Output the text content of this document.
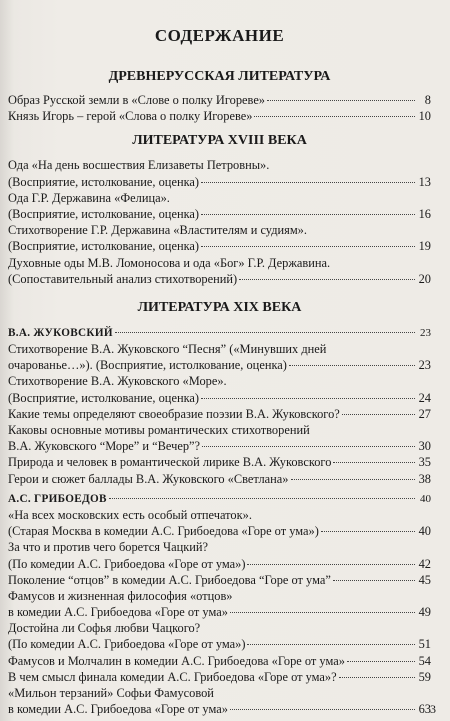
СОДЕРЖАНИЕ
ДРЕВНЕРУССКАЯ ЛИТЕРАТУРА
Образ Русской земли в «Слове о полку Игореве»	8
Князь Игорь – герой «Слова о полку Игореве»	10
ЛИТЕРАТУРА XVIII ВЕКА
Ода «На день восшествия Елизаветы Петровны».
(Восприятие, истолкование, оценка)	13
Ода Г.Р. Державина «Фелица».
(Восприятие, истолкование, оценка)	16
Стихотворение Г.Р. Державина «Властителям и судиям».
(Восприятие, истолкование, оценка)	19
Духовные оды М.В. Ломоносова и ода «Бог» Г.Р. Державина.
(Сопоставительный анализ стихотворений)	20
ЛИТЕРАТУРА XIX ВЕКА
В.А. ЖУКОВСКИЙ	23
Стихотворение В.А. Жуковского “Песня” («Минувших дней
очарованье…»). (Восприятие, истолкование, оценка)	23
Стихотворение В.А. Жуковского «Море».
(Восприятие, истолкование, оценка)	24
Какие темы определяют своеобразие поэзии В.А. Жуковского?	27
Каковы основные мотивы романтических стихотворений
В.А. Жуковского “Море” и “Вечер”?	30
Природа и человек в романтической лирике В.А. Жуковского	35
Герои и сюжет баллады В.А. Жуковского «Светлана»	38
А.С. ГРИБОЕДОВ	40
«На всех московских есть особый отпечаток».
(Старая Москва в комедии А.С. Грибоедова «Горе от ума»)	40
За что и против чего борется Чацкий?
(По комедии А.С. Грибоедова «Горе от ума»)	42
Поколение “отцов” в комедии А.С. Грибоедова “Горе от ума”	45
Фамусов и жизненная философия «отцов»
в комедии А.С. Грибоедова «Горе от ума»	49
Достойна ли Софья любви Чацкого?
(По комедии А.С. Грибоедова «Горе от ума»)	51
Фамусов и Молчалин в комедии А.С. Грибоедова «Горе от ума»	54
В чем смысл финала комедии А.С. Грибоедова «Горе от ума»?	59
«Мильон терзаний» Софьи Фамусовой
в комедии А.С. Грибоедова «Горе от ума»	63 3
